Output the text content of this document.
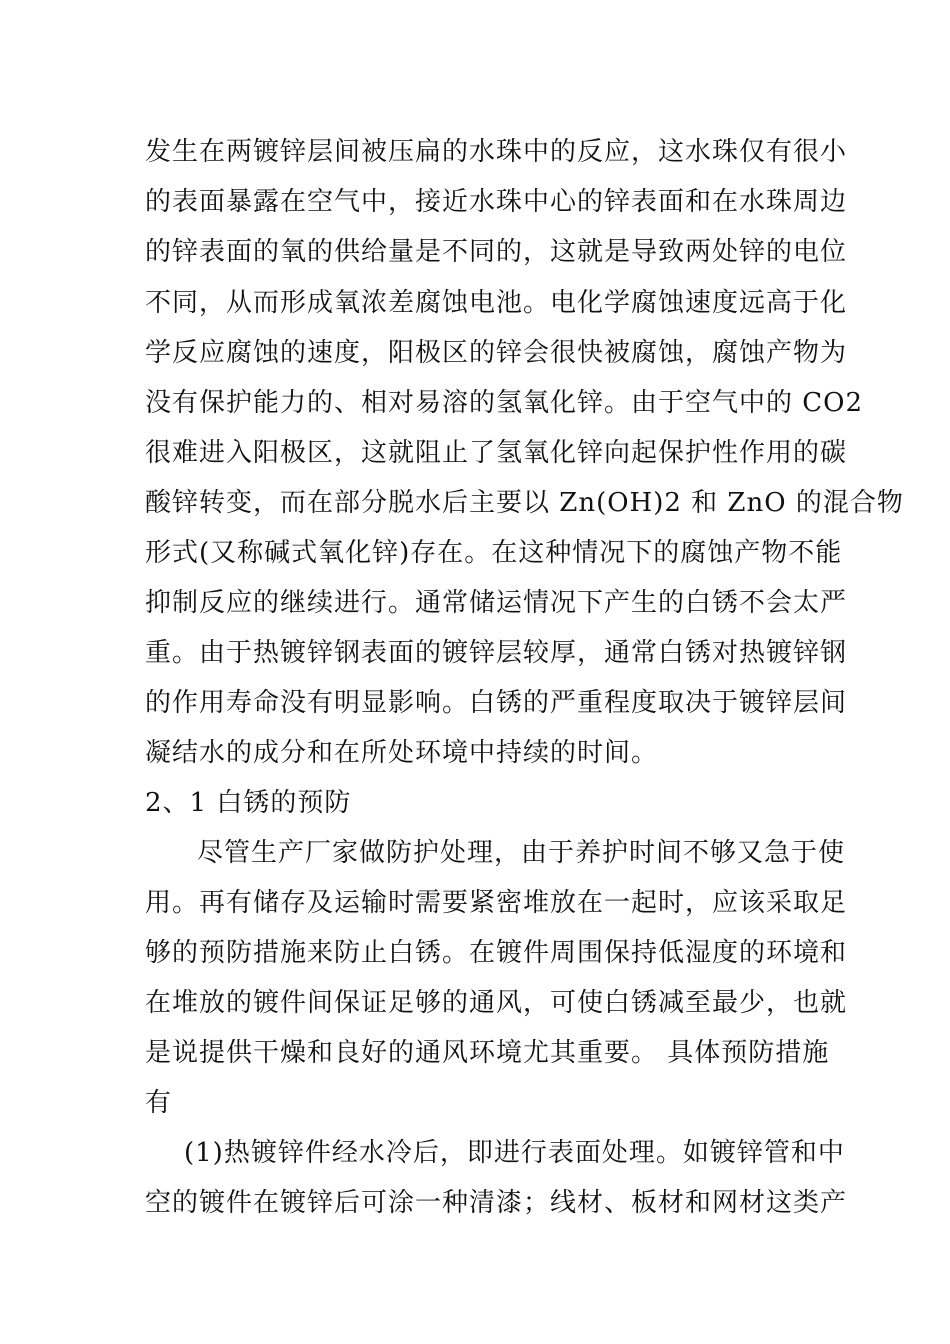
发生在两镀锌层间被压扁的水珠中的反应，这水珠仅有很小
的表面暴露在空气中，接近水珠中心的锌表面和在水珠周边
的锌表面的氧的供给量是不同的，这就是导致两处锌的电位
不同，从而形成氧浓差腐蚀电池。电化学腐蚀速度远高于化
学反应腐蚀的速度，阳极区的锌会很快被腐蚀，腐蚀产物为
没有保护能力的、相对易溶的氢氧化锌。由于空气中的 CO2
很难进入阳极区，这就阻止了氢氧化锌向起保护性作用的碳
酸锌转变，而在部分脱水后主要以 Zn(OH)2 和 ZnO 的混合物
形式(又称碱式氧化锌)存在。在这种情况下的腐蚀产物不能
抑制反应的继续进行。通常储运情况下产生的白锈不会太严
重。由于热镀锌钢表面的镀锌层较厚，通常白锈对热镀锌钢
的作用寿命没有明显影响。白锈的严重程度取决于镀锌层间
凝结水的成分和在所处环境中持续的时间。
2、1 白锈的预防
尽管生产厂家做防护处理，由于养护时间不够又急于使
用。再有储存及运输时需要紧密堆放在一起时，应该采取足
够的预防措施来防止白锈。在镀件周围保持低湿度的环境和
在堆放的镀件间保证足够的通风，可使白锈减至最少，也就
是说提供干燥和良好的通风环境尤其重要。 具体预防措施
有
(1)热镀锌件经水冷后，即进行表面处理。如镀锌管和中
空的镀件在镀锌后可涂一种清漆；线材、板材和网材这类产
